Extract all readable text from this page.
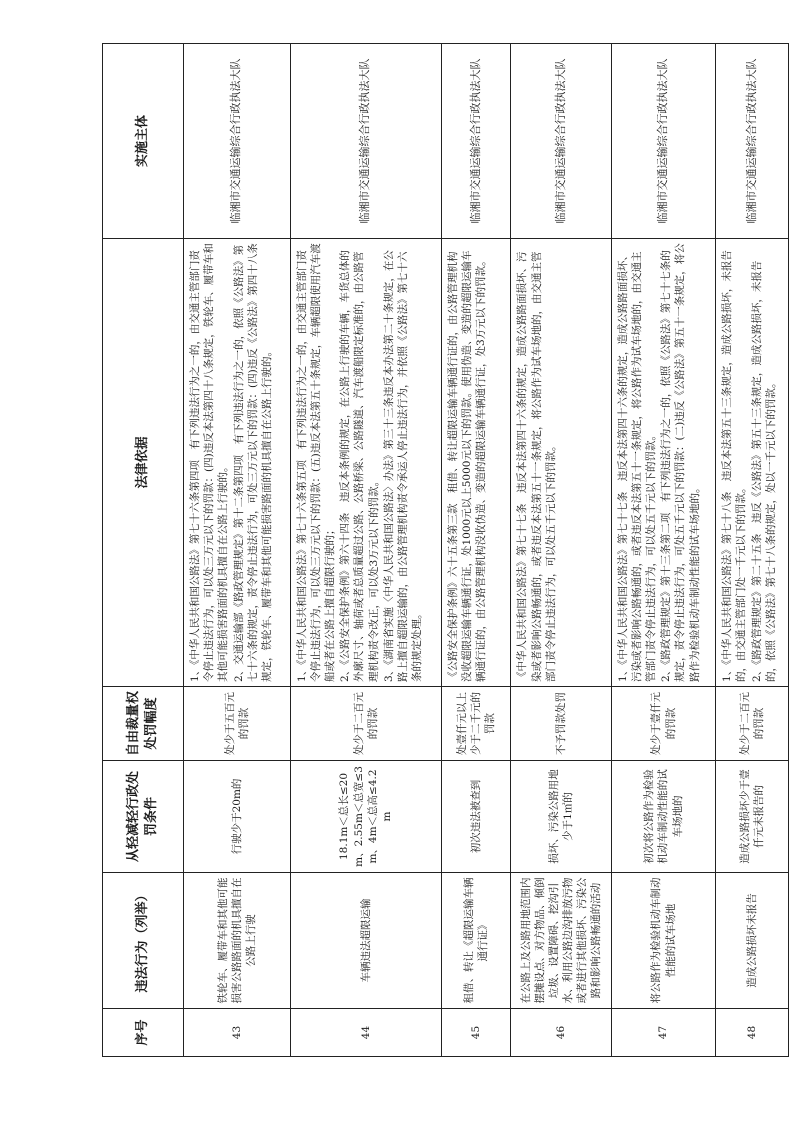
序号	违法行为（列举）	从轻减轻行政处罚条件	自由裁量权处罚幅度	法律依据	实施主体
43	铁轮车、履带车和其他可能损害公路路面的机具擅自在公路上行驶	行驶少于20m的	处少于五百元的罚款	1、《中华人民共和国公路法》第七十六条第四项　有下列违法行为之一的，由交通主管部门责令停止违法行为，可以处三万元以下的罚款：(四)违反本法第四十八条规定，铁轮车、履带车和其他可能损害路面的机具擅自在公路上行驶的。 2、交通运输部《路政管理规定》第十二条第四项　有下列违法行为之一的，依照《公路法》第七十六条的规定，责令停止违法行为，可处三万元以下的罚款：(四)违反《公路法》第四十八条规定，铁轮车、履带车和其他可能损害路面的机具擅自在公路上行驶的。	临湘市交通运输综合行政执法大队
44	车辆违法超限运输	18.1m＜总长≤20m、2.55m＜总宽≤3m、4m＜总高≤4.2m	处少于二百元的罚款	1、《中华人民共和国公路法》第七十六条第五项　有下列违法行为之一的，由交通主管部门责令停止违法行为，可以处三万元以下的罚款：(五)违反本法第五十条规定，车辆超限使用汽车渡船或者在公路上擅自超限行驶的； 2、《公路安全保护条例》第六十四条　违反本条例的规定，在公路上行驶的车辆，车货总体的外廓尺寸、轴荷或者总质量超过公路、公路桥梁、公路隧道、汽车渡船限定标准的，由公路管理机构责令改正，可以处3万元以下的罚款。 3、《湖南省实施〈中华人民共和国公路法〉办法》第三十三条违反本办法第二十条规定，在公路上擅自超限运输的，由公路管理机构责令承运人停止违法行为，并依照《公路法》第七十六条的规定处理。	临湘市交通运输综合行政执法大队
45	租借、转让《超限运输车辆通行证》	初次违法被查到	处壹仟元以上少于二千元的罚款	《公路安全保护条例》六十五条第三款　租借、转让超限运输车辆通行证的，由公路管理机构没收超限运输车辆通行证，处1000元以上5000元以下的罚款。使用伪造、变造的超限运输车辆通行证的，由公路管理机构没收伪造、变造的超限运输车辆通行证，处3万元以下的罚款。	临湘市交通运输综合行政执法大队
46	在公路上及公路用地范围内摆摊设点、对方物品、倾倒垃圾、设置障碍、挖沟引水、利用公路边沟排放污物或者进行其他损坏、污染公路和影响公路畅通的活动	损坏、污染公路用地少于1㎡的	不予罚款处罚	《中华人民共和国公路法》第七十七条　违反本法第四十六条的规定，造成公路路面损坏、污染或者影响公路畅通的，或者违反本法第五十一条规定，将公路作为试车场地的，由交通主管部门责令停止违法行为，可以处五千元以下的罚款。	临湘市交通运输综合行政执法大队
47	将公路作为检验机动车制动性能的试车场地	初次将公路作为检验机动车制动性能的试车场地的	处少于壹仟元的罚款	1、《中华人民共和国公路法》第七十七条　违反本法第四十六条的规定，造成公路路面损坏、污染或者影响公路畅通的，或者违反本法第五十一条规定，将公路作为试车场地的，由交通主管部门责令停止违法行为，可以处五千元以下的罚款。 2、《路政管理规定》第十三条第二项　有下列违法行为之一的，依照《公路法》第七十七条的规定，责令停止违法行为，可处五千元以下的罚款：(二)违反《公路法》第五十一条规定，将公路作为检验机动车制动性能的试车场地的。	临湘市交通运输综合行政执法大队
48	造成公路损坏未报告	造成公路损坏少于壹仟元未报告的	处少于二百元的罚款	1、《中华人民共和国公路法》第七十八条　违反本法第五十三条规定，造成公路损坏，未报告的，由交通主管部门处一千元以下的罚款。 2、《路政管理规定》第二十五条　违反《公路法》第五十三条规定，造成公路损坏，未报告的，依照《公路法》第七十八条的规定，处以一千元以下的罚款。	临湘市交通运输综合行政执法大队
